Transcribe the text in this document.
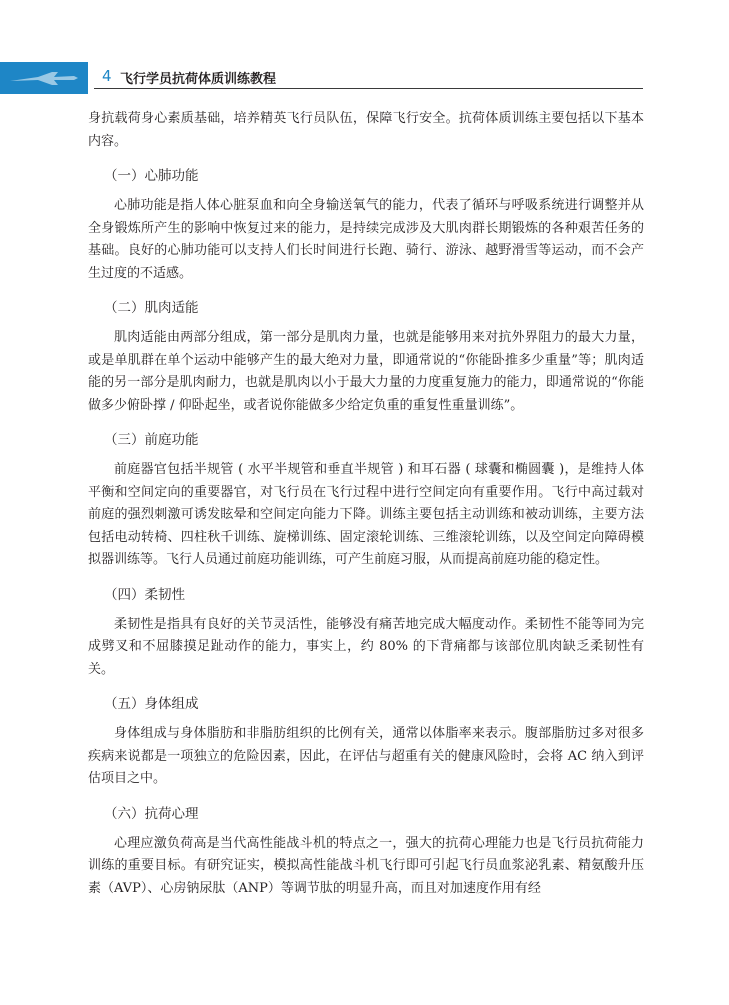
4 飞行学员抗荷体质训练教程

身抗载荷身心素质基础，培养精英飞行员队伍，保障飞行安全。抗荷体质训练主要包括以下基本内容。

（一）心肺功能

心肺功能是指人体心脏泵血和向全身输送氧气的能力，代表了循环与呼吸系统进行调整并从全身锻炼所产生的影响中恢复过来的能力，是持续完成涉及大肌肉群长期锻炼的各种艰苦任务的基础。良好的心肺功能可以支持人们长时间进行长跑、骑行、游泳、越野滑雪等运动，而不会产生过度的不适感。

（二）肌肉适能

肌肉适能由两部分组成，第一部分是肌肉力量，也就是能够用来对抗外界阻力的最大力量，或是单肌群在单个运动中能够产生的最大绝对力量，即通常说的“你能卧推多少重量”等；肌肉适能的另一部分是肌肉耐力，也就是肌肉以小于最大力量的力度重复施力的能力，即通常说的“你能做多少俯卧撑 / 仰卧起坐，或者说你能做多少给定负重的重复性重量训练”。

（三）前庭功能

前庭器官包括半规管 ( 水平半规管和垂直半规管 ) 和耳石器 ( 球囊和椭圆囊 )，是维持人体平衡和空间定向的重要器官，对飞行员在飞行过程中进行空间定向有重要作用。飞行中高过载对前庭的强烈刺激可诱发眩晕和空间定向能力下降。训练主要包括主动训练和被动训练，主要方法包括电动转椅、四柱秋千训练、旋梯训练、固定滚轮训练、三维滚轮训练，以及空间定向障碍模拟器训练等。飞行人员通过前庭功能训练，可产生前庭习服，从而提高前庭功能的稳定性。

（四）柔韧性

柔韧性是指具有良好的关节灵活性，能够没有痛苦地完成大幅度动作。柔韧性不能等同为完成劈叉和不屈膝摸足趾动作的能力，事实上，约 80% 的下背痛都与该部位肌肉缺乏柔韧性有关。

（五）身体组成

身体组成与身体脂肪和非脂肪组织的比例有关，通常以体脂率来表示。腹部脂肪过多对很多疾病来说都是一项独立的危险因素，因此，在评估与超重有关的健康风险时，会将 AC 纳入到评估项目之中。

（六）抗荷心理

心理应激负荷高是当代高性能战斗机的特点之一，强大的抗荷心理能力也是飞行员抗荷能力训练的重要目标。有研究证实，模拟高性能战斗机飞行即可引起飞行员血浆泌乳素、精氨酸升压素（AVP）、心房钠尿肽（ANP）等调节肽的明显升高，而且对加速度作用有经
